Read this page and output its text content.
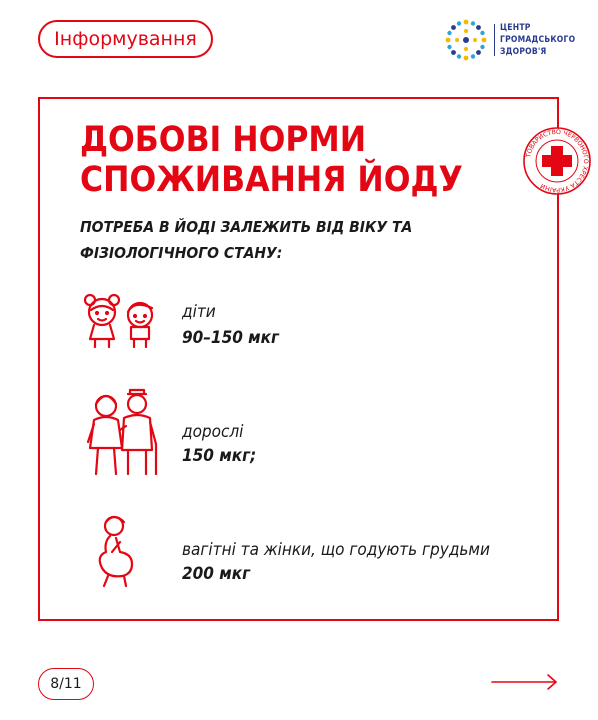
Інформування	ЦЕНТР
ГРОМАДСЬКОГО
ЗДОРОВ'Я
ДОБОВІ НОРМИ
СПОЖИВАННЯ ЙОДУ

ПОТРЕБА В ЙОДІ ЗАЛЕЖИТЬ ВІД ВІКУ ТА
ФІЗІОЛОГІЧНОГО СТАНУ:

ТОВАРИСТВО ЧЕРВОНОГО ХРЕСТА УКРАЇНИ
діти
90–150 мкг
дорослі
150 мкг;
вагітні та жінки, що годують грудьми
200 мкг
8/11
